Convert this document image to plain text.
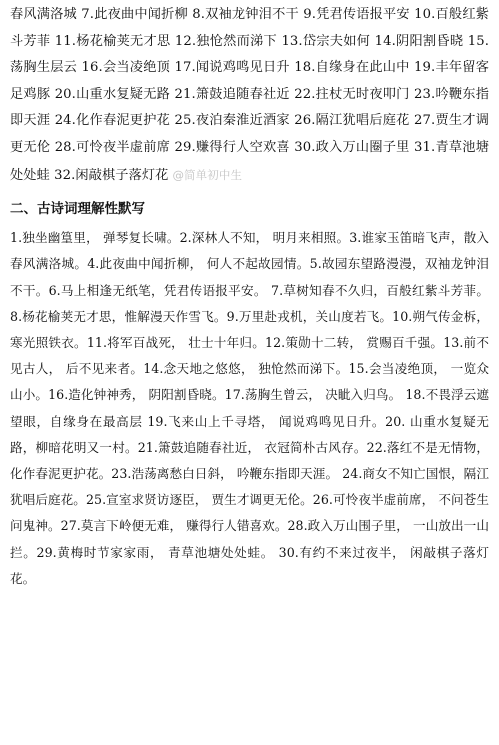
春风满洛城 7.此夜曲中闻折柳 8.双袖龙钟泪不干 9.凭君传语报平安 10.百般红紫斗芳菲 11.杨花榆荚无才思 12.独怆然而涕下 13.岱宗夫如何 14.阴阳割昏晓 15.荡胸生层云 16.会当凌绝顶 17.闻说鸡鸣见日升 18.自缘身在此山中 19.丰年留客足鸡豚 20.山重水复疑无路 21.箫鼓追随春社近 22.拄杖无时夜叩门 23.吟鞭东指即天涯 24.化作春泥更护花 25.夜泊秦淮近酒家 26.隔江犹唱后庭花 27.贾生才调更无伦 28.可怜夜半虚前席 29.赚得行人空欢喜 30.政入万山圈子里 31.青草池塘处处蛙 32.闲敲棋子落灯花 @简单初中生

二、古诗词理解性默写

1.独坐幽篁里， 弹琴复长啸。2.深林人不知， 明月来相照。3.谁家玉笛暗飞声，散入春风满洛城。4.此夜曲中闻折柳， 何人不起故园情。5.故园东望路漫漫，双袖龙钟泪不干。6.马上相逢无纸笔，凭君传语报平安。 7.草树知春不久归，百般红紫斗芳菲。8.杨花榆荚无才思，惟解漫天作雪飞。9.万里赴戎机，关山度若飞。10.朔气传金柝， 寒光照铁衣。11.将军百战死， 壮士十年归。12.策勋十二转， 赏赐百千强。13.前不见古人， 后不见来者。14.念天地之悠悠， 独怆然而涕下。15.会当凌绝顶， 一览众山小。16.造化钟神秀， 阴阳割昏晓。17.荡胸生曾云， 决眦入归鸟。 18.不畏浮云遮望眼，自缘身在最高层 19.飞来山上千寻塔， 闻说鸡鸣见日升。20. 山重水复疑无路，柳暗花明又一村。21.箫鼓追随春社近， 衣冠简朴古风存。22.落红不是无情物，化作春泥更护花。23.浩荡离愁白日斜， 吟鞭东指即天涯。 24.商女不知亡国恨，隔江犹唱后庭花。25.宣室求贤访逐臣， 贾生才调更无伦。26.可怜夜半虚前席， 不问苍生问鬼神。27.莫言下岭便无难， 赚得行人错喜欢。28.政入万山围子里， 一山放出一山拦。29.黄梅时节家家雨， 青草池塘处处蛙。 30.有约不来过夜半， 闲敲棋子落灯花。
